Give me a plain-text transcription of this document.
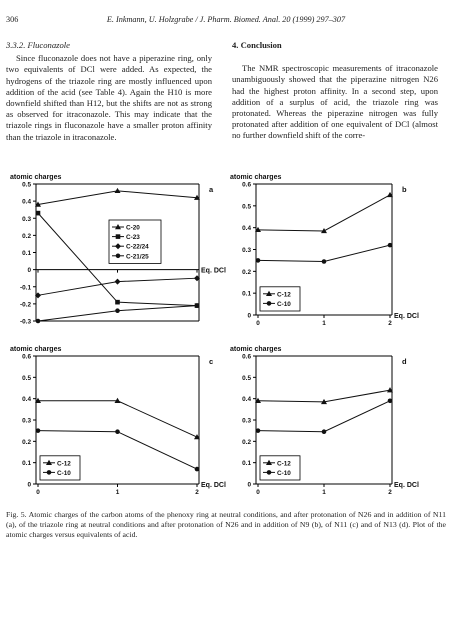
306	E. Inkmann, U. Holzgrabe / J. Pharm. Biomed. Anal. 20 (1999) 297–307
3.3.2. Fluconazole

Since fluconazole does not have a piperazine ring, only two equivalents of DCl were added. As expected, the hydrogens of the triazole ring are mostly influenced upon addition of the acid (see Table 4). Again the H10 is more downfield shifted than H12, but the shifts are not as strong as observed for itraconazole. This may indicate that the triazole rings in fluconazole have a smaller proton affinity than the triazole in itraconazole.

4. Conclusion

The NMR spectroscopic measurements of itraconazole unambiguously showed that the piperazine nitrogen N26 had the highest proton affinity. In a second step, upon addition of a surplus of acid, the triazole ring was protonated. Whereas the piperazine nitrogen was fully protonated after addition of one equivalent of DCl (almost no further downfield shift of the corre-

-0.3
-0.2
-0.1
0
0.1
0.2
0.3
0.4
0.5
atomic charges
a
Eq. DCl
C-20
C-23
C-22/24
C-21/25
0
0.1
0.2
0.3
0.4
0.5
0.6
0	1	2
atomic charges
b
Eq. DCl
C-12
C-10
0
0.1
0.2
0.3
0.4
0.5
0.6
0	1	2
atomic charges
c
Eq. DCl
C-12
C-10
0
0.1
0.2
0.3
0.4
0.5
0.6
0	1	2
atomic charges
d
Eq. DCl
C-12
C-10
Fig. 5. Atomic charges of the carbon atoms of the phenoxy ring at neutral conditions, and after protonation of N26 and in addition of N11 (a), of the triazole ring at neutral conditions and after protonation of N26 and in addition of N9 (b), of N11 (c) and of N13 (d). Plot of the atomic charges versus equivalents of acid.
